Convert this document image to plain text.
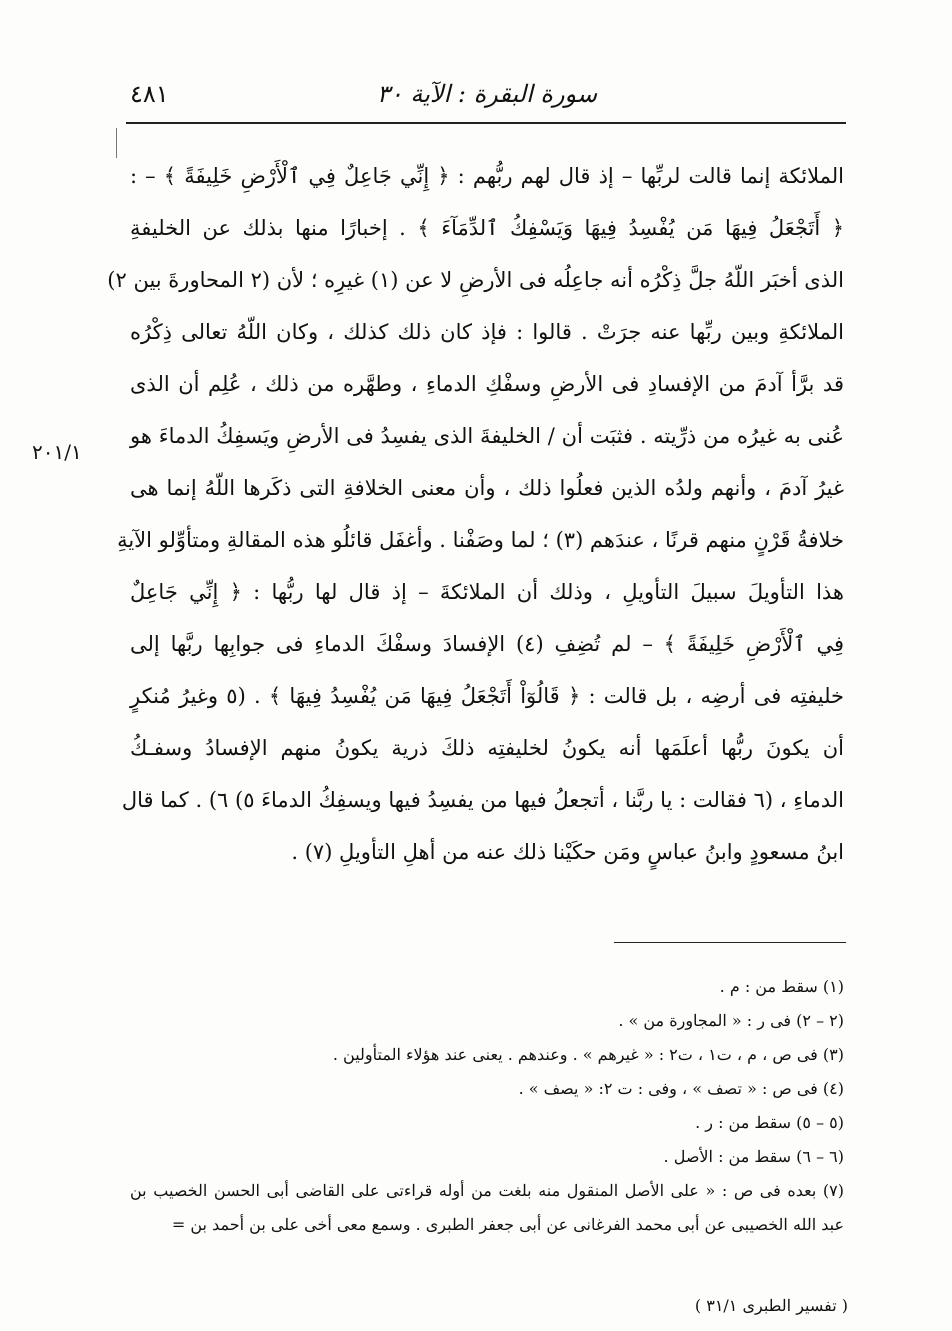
سورة البقرة : الآية ٣٠
٤٨١
الملائكة إنما قالت لربِّها – إذ قال لهم ربُّهم : ﴿ إِنِّي جَاعِلٌ فِي ٱلْأَرْضِ خَلِيفَةً ﴾ – :
﴿ أَتَجْعَلُ فِيهَا مَن يُفْسِدُ فِيهَا وَيَسْفِكُ ٱلدِّمَآءَ ﴾ . إخبارًا منها بذلك عن الخليفةِ
الذى أخبَر اللّهُ جلَّ ذِكْرُه أنه جاعِلُه فى الأرضِ لا عن (١) غيرِه ؛ لأن (٢ المحاورةَ بين ٢)
الملائكةِ وبين ربِّها عنه جرَتْ . قالوا : فإذ كان ذلك كذلك ، وكان اللّهُ تعالى ذِكْرُه
قد برَّأ آدمَ من الإفسادِ فى الأرضِ وسفْكِ الدماءِ ، وطهَّره من ذلك ، عُلِم أن الذى
عُنى به غيرُه من ذرِّيته . فثبَت أن / الخليفةَ الذى يفسِدُ فى الأرضِ ويَسفِكُ الدماءَ هو
غيرُ آدمَ ، وأنهم ولدُه الذين فعلُوا ذلك ، وأن معنى الخلافةِ التى ذكَرها اللّهُ إنما هى
خلافةُ قَرْنٍ منهم قرنًا ، عندَهم (٣) ؛ لما وصَفْنا . وأغفَل قائلُو هذه المقالةِ ومتأوِّلو الآيةِ
هذا التأويلَ سبيلَ التأويلِ ، وذلك أن الملائكةَ – إذ قال لها ربُّها : ﴿ إِنِّي جَاعِلٌ
فِي ٱلْأَرْضِ خَلِيفَةً ﴾ – لم تُضِفِ (٤) الإفسادَ وسفْكَ الدماءِ فى جوابِها ربَّها إلى
خليفتِه فى أرضِه ، بل قالت : ﴿ قَالُوٓاْ أَتَجْعَلُ فِيهَا مَن يُفْسِدُ فِيهَا ﴾ . (٥ وغيرُ مُنكرٍ
أن يكونَ ربُّها أعلَمَها أنه يكونُ لخليفتِه ذلكَ ذرية يكونُ منهم الإفسادُ وسفـكُ
الدماءِ ، (٦ فقالت : يا ربَّنا ، أتجعلُ فيها من يفسِدُ فيها ويسفِكُ الدماءَ ٥) ٦) . كما قال
ابنُ مسعودٍ وابنُ عباسٍ ومَن حكَيْنا ذلك عنه من أهلِ التأويلِ (٧) .
٢٠١/١
(١) سقط من : م .
(٢ – ٢) فى ر : « المجاورة من » .
(٣) فى ص ، م ، ت١ ، ت٢ : « غيرهم » . وعندهم . يعنى عند هؤلاء المتأولين .
(٤) فى ص : « تصف » ، وفى : ت ٢: « يصف » .
(٥ – ٥) سقط من : ر .
(٦ – ٦) سقط من : الأصل .
(٧) بعده فى ص : « على الأصل المنقول منه بلغت من أوله قراءتى على القاضى أبى الحسن الخصيب بن
عبد الله الخصيبى عن أبى محمد الفرغانى عن أبى جعفر الطبرى . وسمع معى أخى على بن أحمد بن =
( تفسير الطبرى ٣١/١ )
